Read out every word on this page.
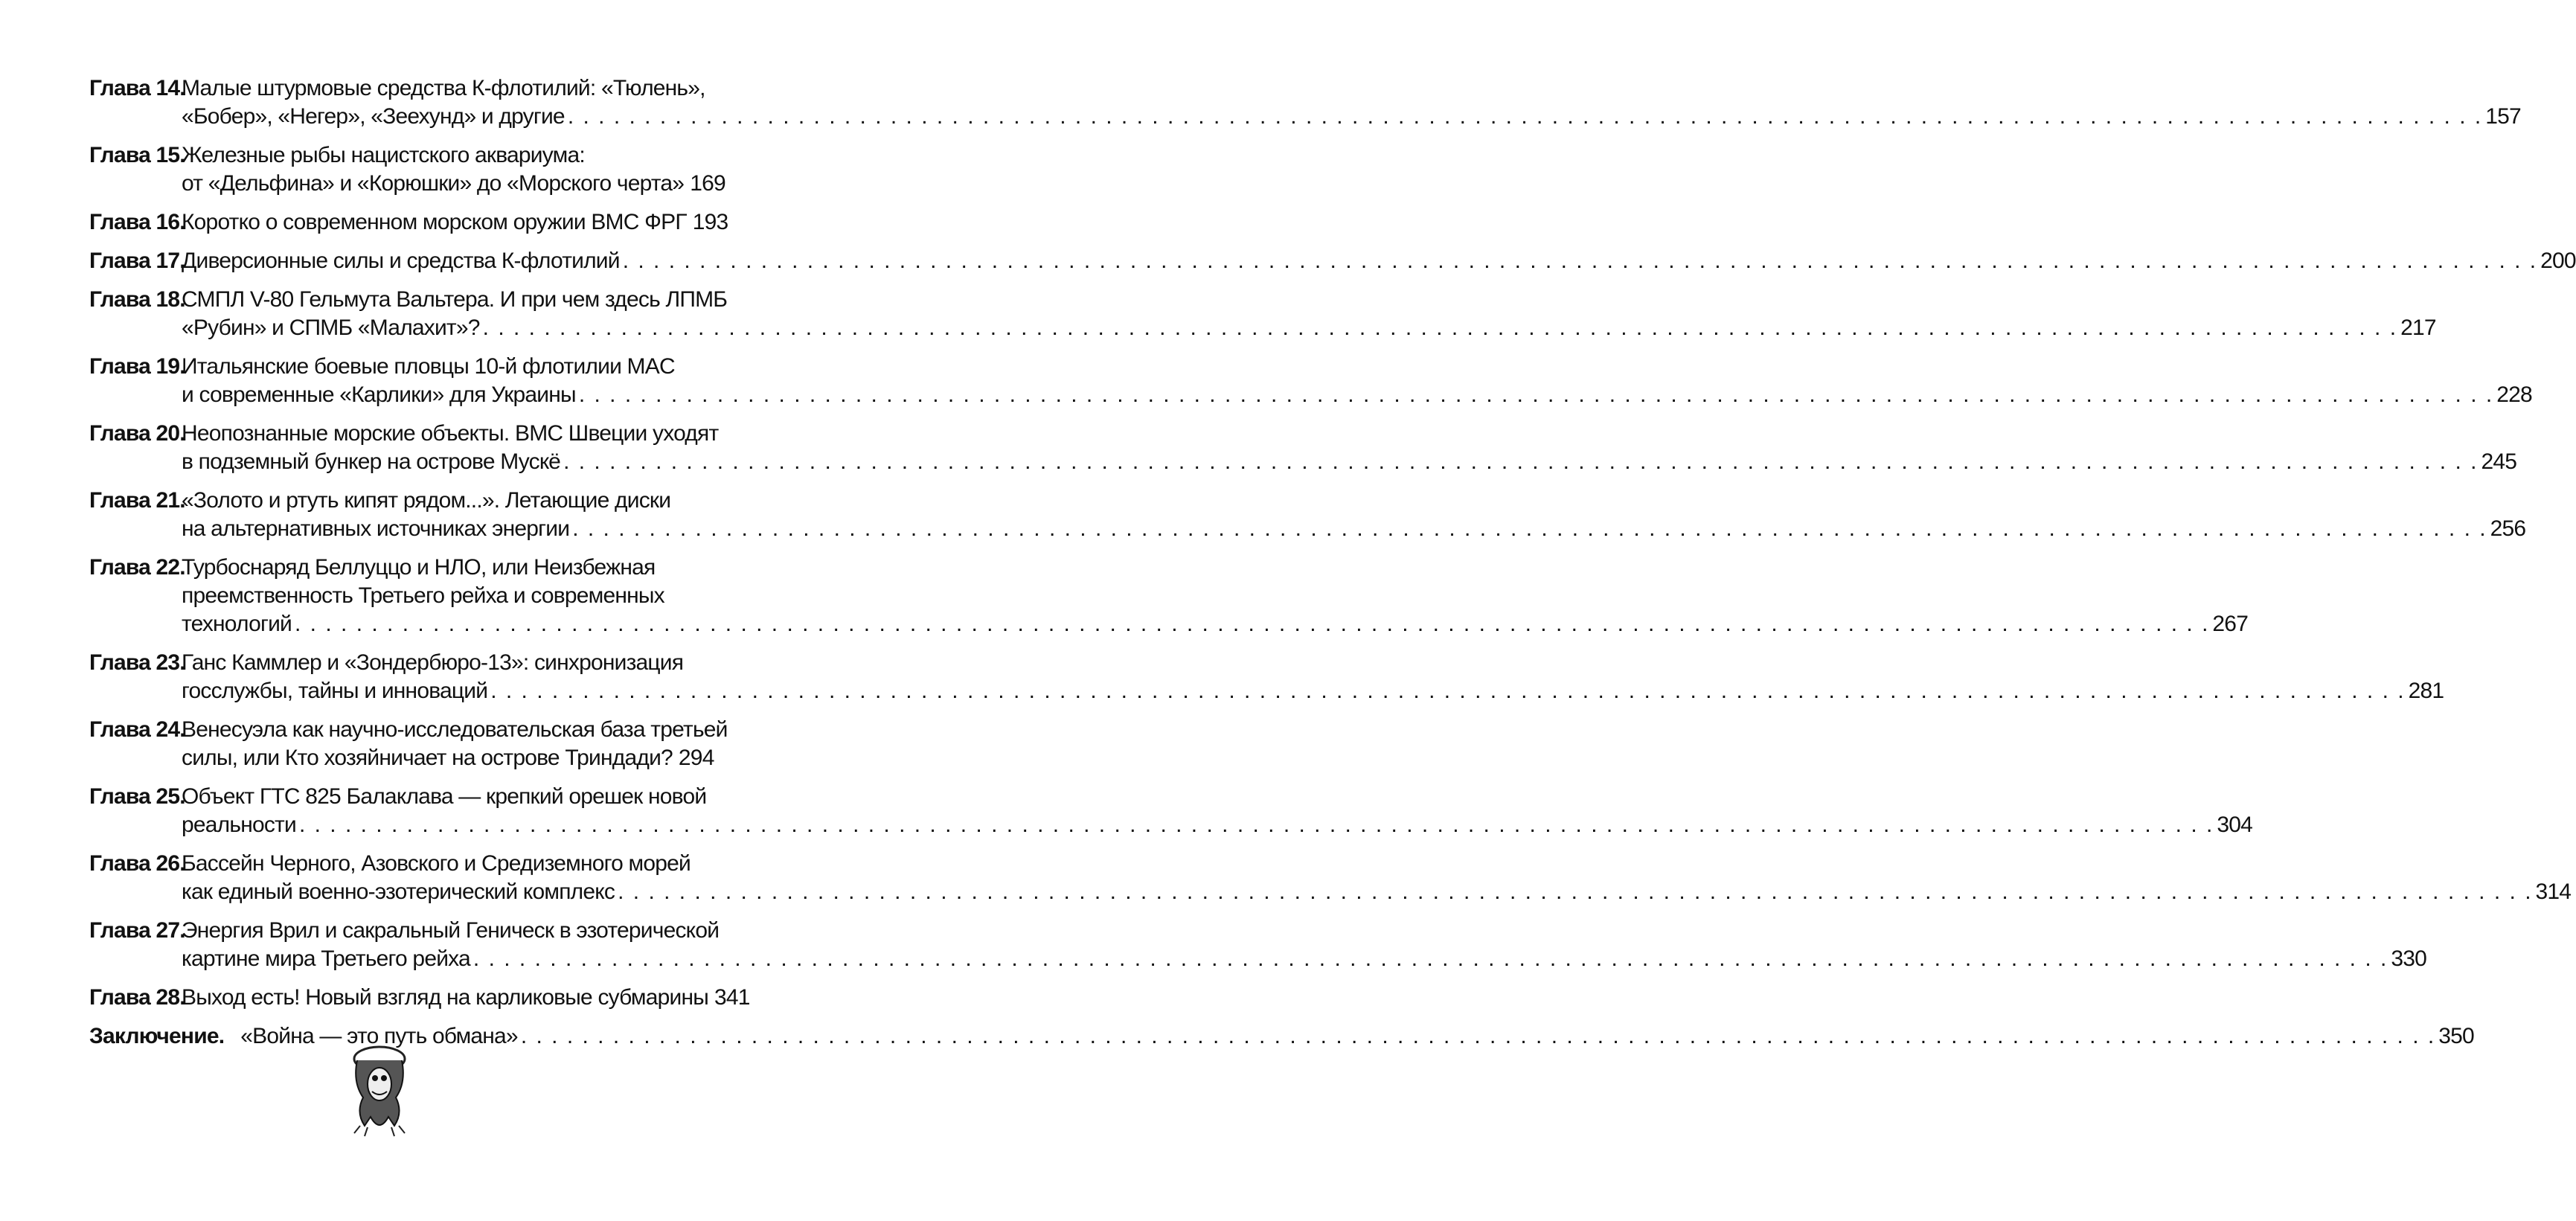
Глава 14.
Малые штурмовые средства К-флотилий: «Тюлень»,
«Бобер», «Негер», «Зеехунд» и другие . . .	157
Глава 15.
Железные рыбы нацистского аквариума:
от «Дельфина» и «Корюшки» до «Морского черта» 169
Глава 16.
Коротко о современном морском оружии ВМС ФРГ 193
Глава 17.
Диверсионные силы и средства К-флотилий . . .	200
Глава 18.
СМПЛ V-80 Гельмута Вальтера. И при чем здесь ЛПМБ
«Рубин» и СПМБ «Малахит»? . . .	217
Глава 19.
Итальянские боевые пловцы 10-й флотилии MAC
и современные «Карлики» для Украины . . .	228
Глава 20.
Неопознанные морские объекты. ВМС Швеции уходят
в подземный бункер на острове Мускё . . .	245
Глава 21.
«Золото и ртуть кипят рядом...». Летающие диски
на альтернативных источниках энергии . . .	256
Глава 22.
Турбоснаряд Беллуццо и НЛО, или Неизбежная
преемственность Третьего рейха и современных
технологий . . .	267
Глава 23.
Ганс Каммлер и «Зондербюро-13»: синхронизация
госслужбы, тайны и инноваций . . .	281
Глава 24.
Венесуэла как научно-исследовательская база третьей
силы, или Кто хозяйничает на острове Триндади? 294
Глава 25.
Объект ГТС 825 Балаклава — крепкий орешек новой
реальности . . .	304
Глава 26.
Бассейн Черного, Азовского и Средиземного морей
как единый военно-эзотерический комплекс . . .	314
Глава 27.
Энергия Врил и сакральный Геническ в эзотерической
картине мира Третьего рейха . . .	330
Глава 28.
Выход есть! Новый взгляд на карликовые субмарины 341
Заключение. «Война — это путь обмана» . . .	350
